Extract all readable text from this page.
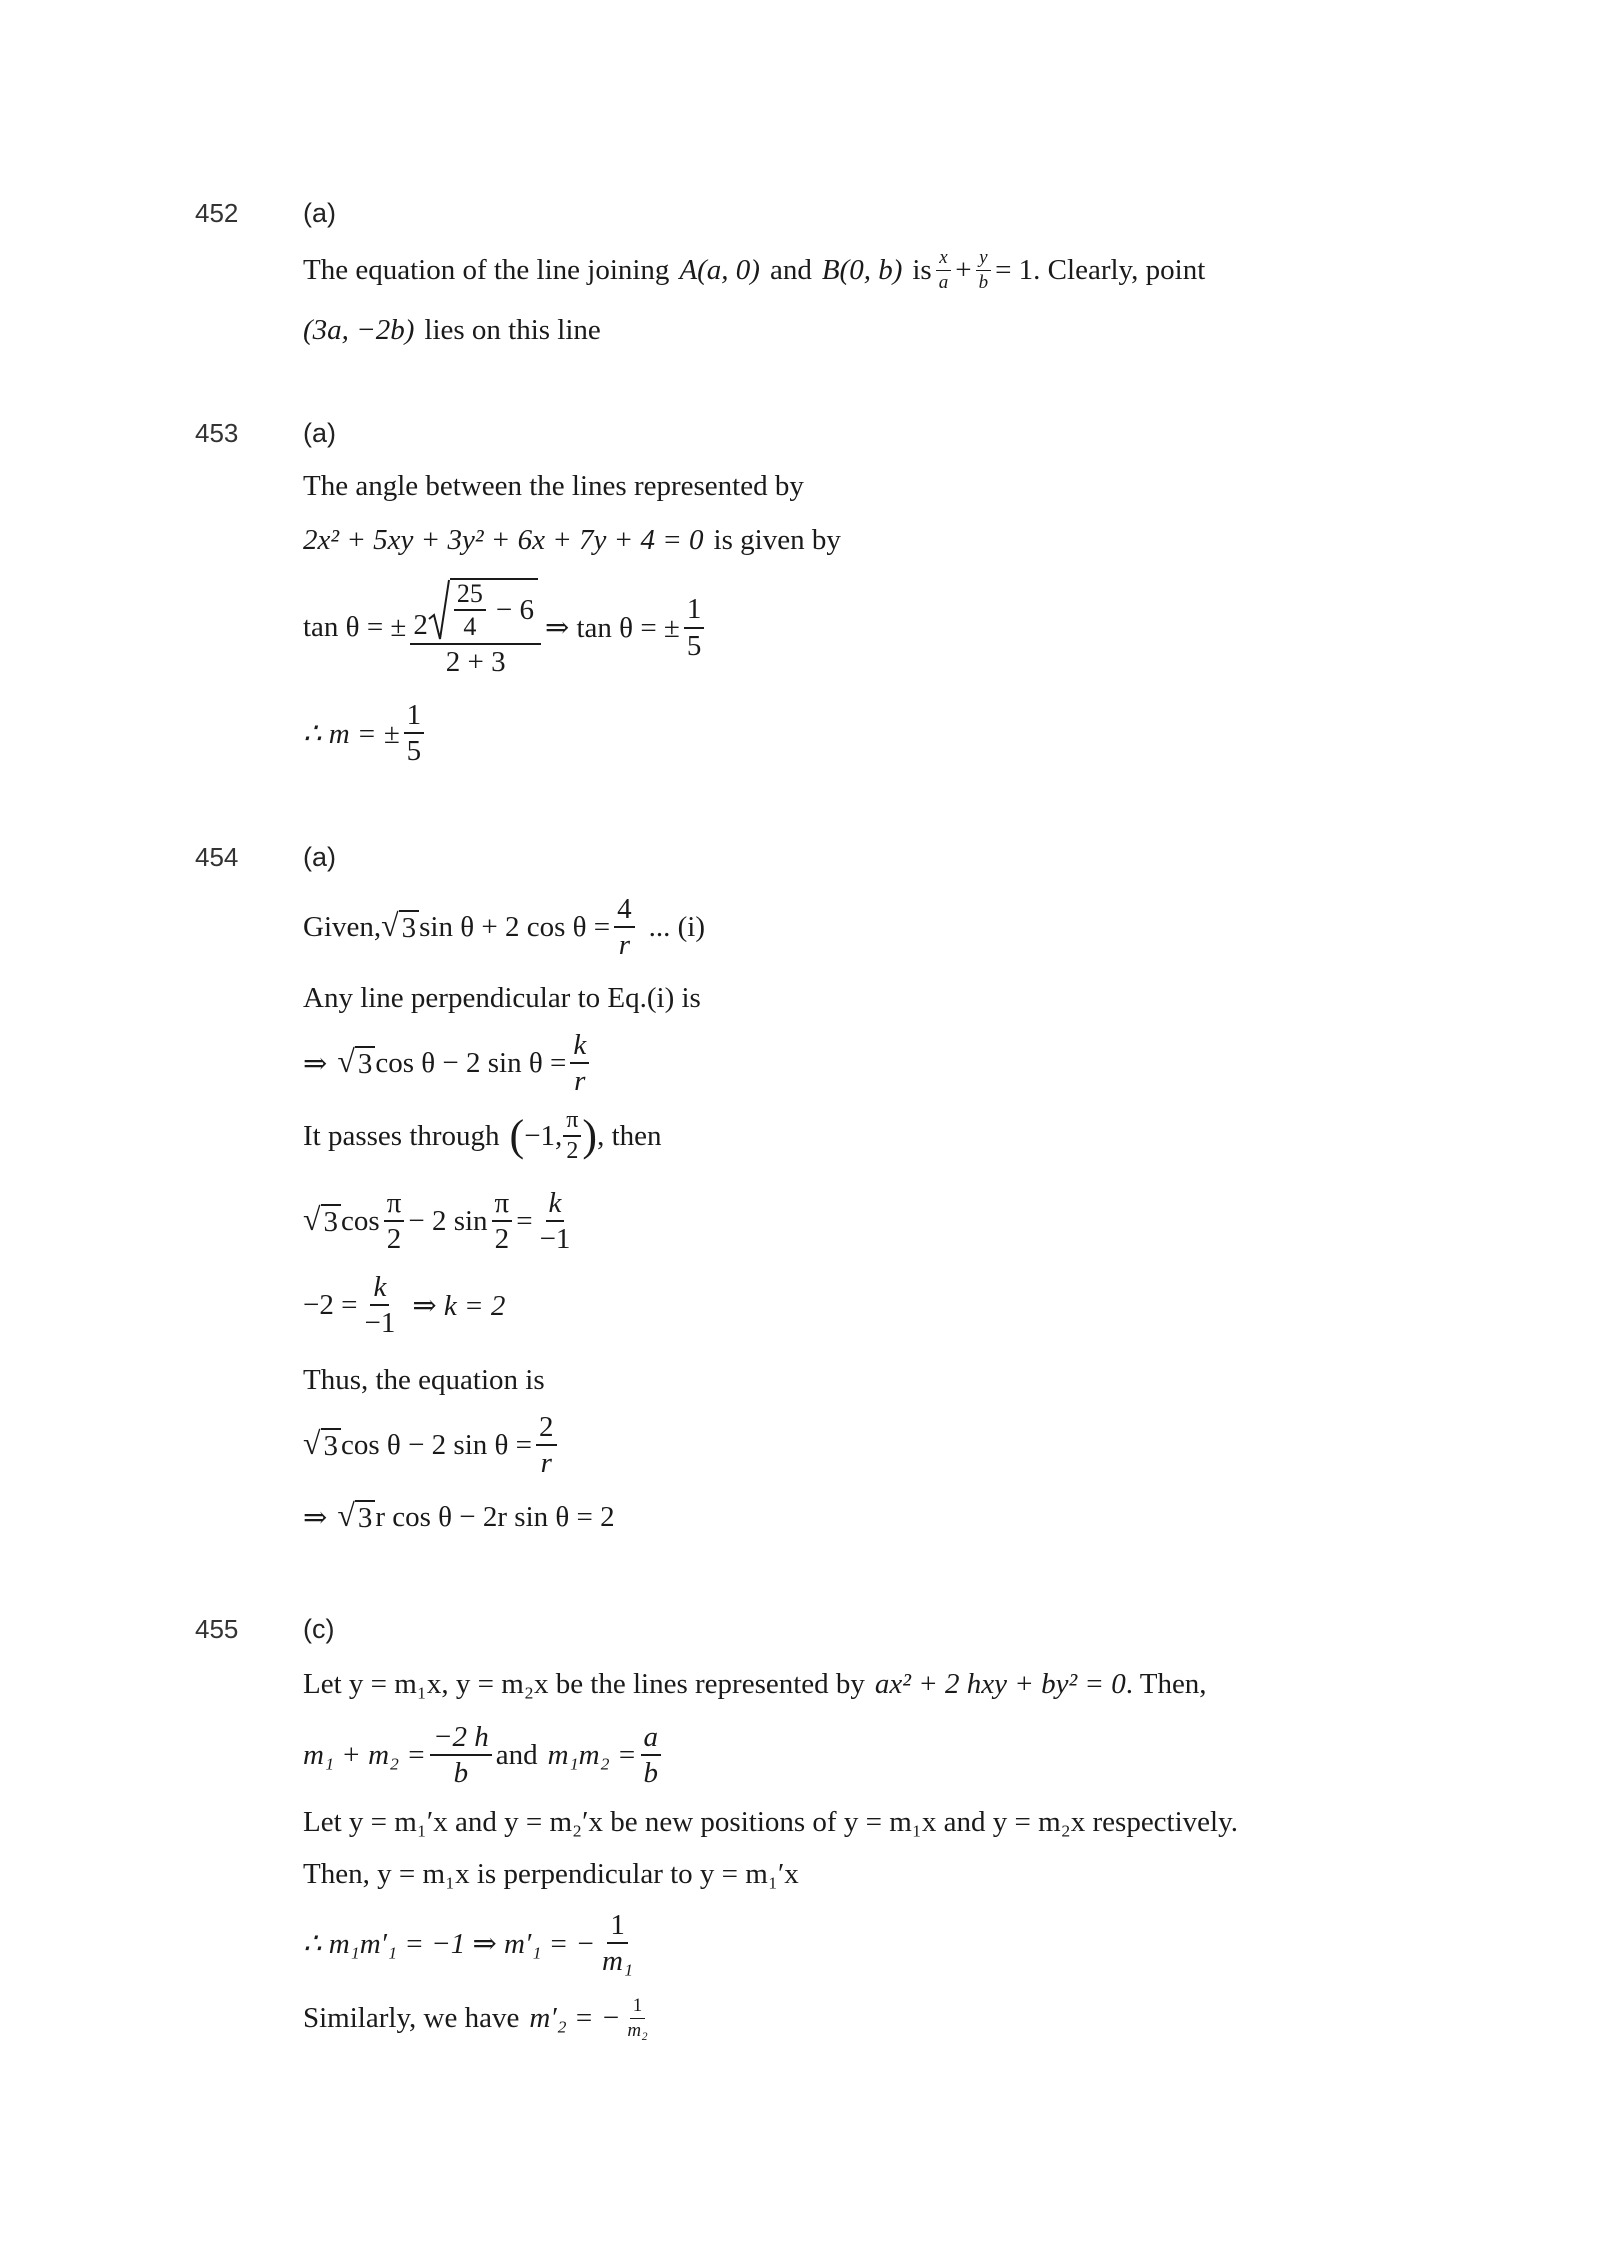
452	(a)
The equation of the line joining A(a, 0) and B(0, b) is $\frac{x}{a} + \frac{y}{b} = 1$. Clearly, point
(3a, −2b) lies on this line
453	(a)
The angle between the lines represented by
2x² + 5xy + 3y² + 6x + 7y + 4 = 0 is given by
tan θ = ± $\frac{2 \frac{25}{4} - 6}{2 + 3}$ ⇒ tan θ = ± $\frac{1}{5}$
∴ m = ± $\frac{1}{5}$
454	(a)
Given, √ 3 sin θ + 2 $\cos \theta = \frac{4}{r}$ ... (i)
Any line perpendicular to Eq.(i) is
⇒ √ 3 cos θ − 2 $\sin \theta = \frac{k}{r}$
It passes through ( −1, $\frac{\pi}{2}$ ) , then
√ 3 $\cos \frac{\pi}{2} - 2$ $\sin \frac{\pi}{2} = \frac{k}{-1}$
$-2 = \frac{k}{-1}$ ⇒ k = 2
Thus, the equation is
√ 3 cos θ − 2 $\sin \theta = \frac{2}{r}$
⇒ √ 3 r cos θ − 2r sin θ = 2
455	(c)
Let y = m₁x, y = m₂x be the lines represented by ax² + 2 hxy + by² = 0 . Then,
$m_1 + m_2 = \frac{-2 h}{b}$ and $m_1m_2 = \frac{a}{b}$
Let y = m₁′x and y = m₂′x be new positions of y = m₁x and y = m₂x respectively.
Then, y = m₁x is perpendicular to y = m₁′x
∴ m₁m′₁ = −1 ⇒ m′₁ = − $\frac{1}{\text{m₁}}$
Similarly, we have m′₂ = − $\frac{1}{\text{m₂}}$
